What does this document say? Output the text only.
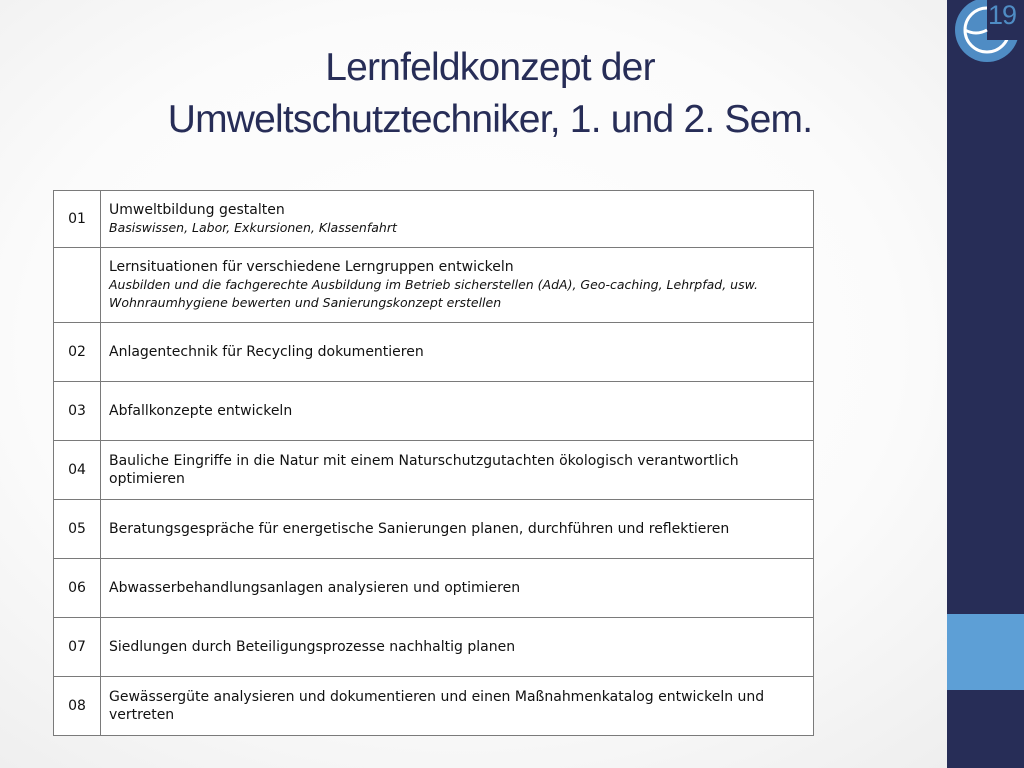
19
Lernfeldkonzept der
Umweltschutztechniker, 1. und 2. Sem.
01	Umweltbildung gestalten
Basiswissen, Labor, Exkursionen, Klassenfahrt

	Lernsituationen für verschiedene Lerngruppen entwickeln
Ausbilden und die fachgerechte Ausbildung im Betrieb sicherstellen (AdA), Geo-caching, Lehrpfad, usw.
Wohnraumhygiene bewerten und Sanierungskonzept erstellen

02	Anlagentechnik für Recycling dokumentieren
03	Abfallkonzepte entwickeln
04	Bauliche Eingriffe in die Natur mit einem Naturschutzgutachten ökologisch verantwortlich optimieren
05	Beratungsgespräche für energetische Sanierungen planen, durchführen und reflektieren
06	Abwasserbehandlungsanlagen analysieren und optimieren
07	Siedlungen durch Beteiligungsprozesse nachhaltig planen
08	Gewässergüte analysieren und dokumentieren und einen Maßnahmenkatalog entwickeln und vertreten
